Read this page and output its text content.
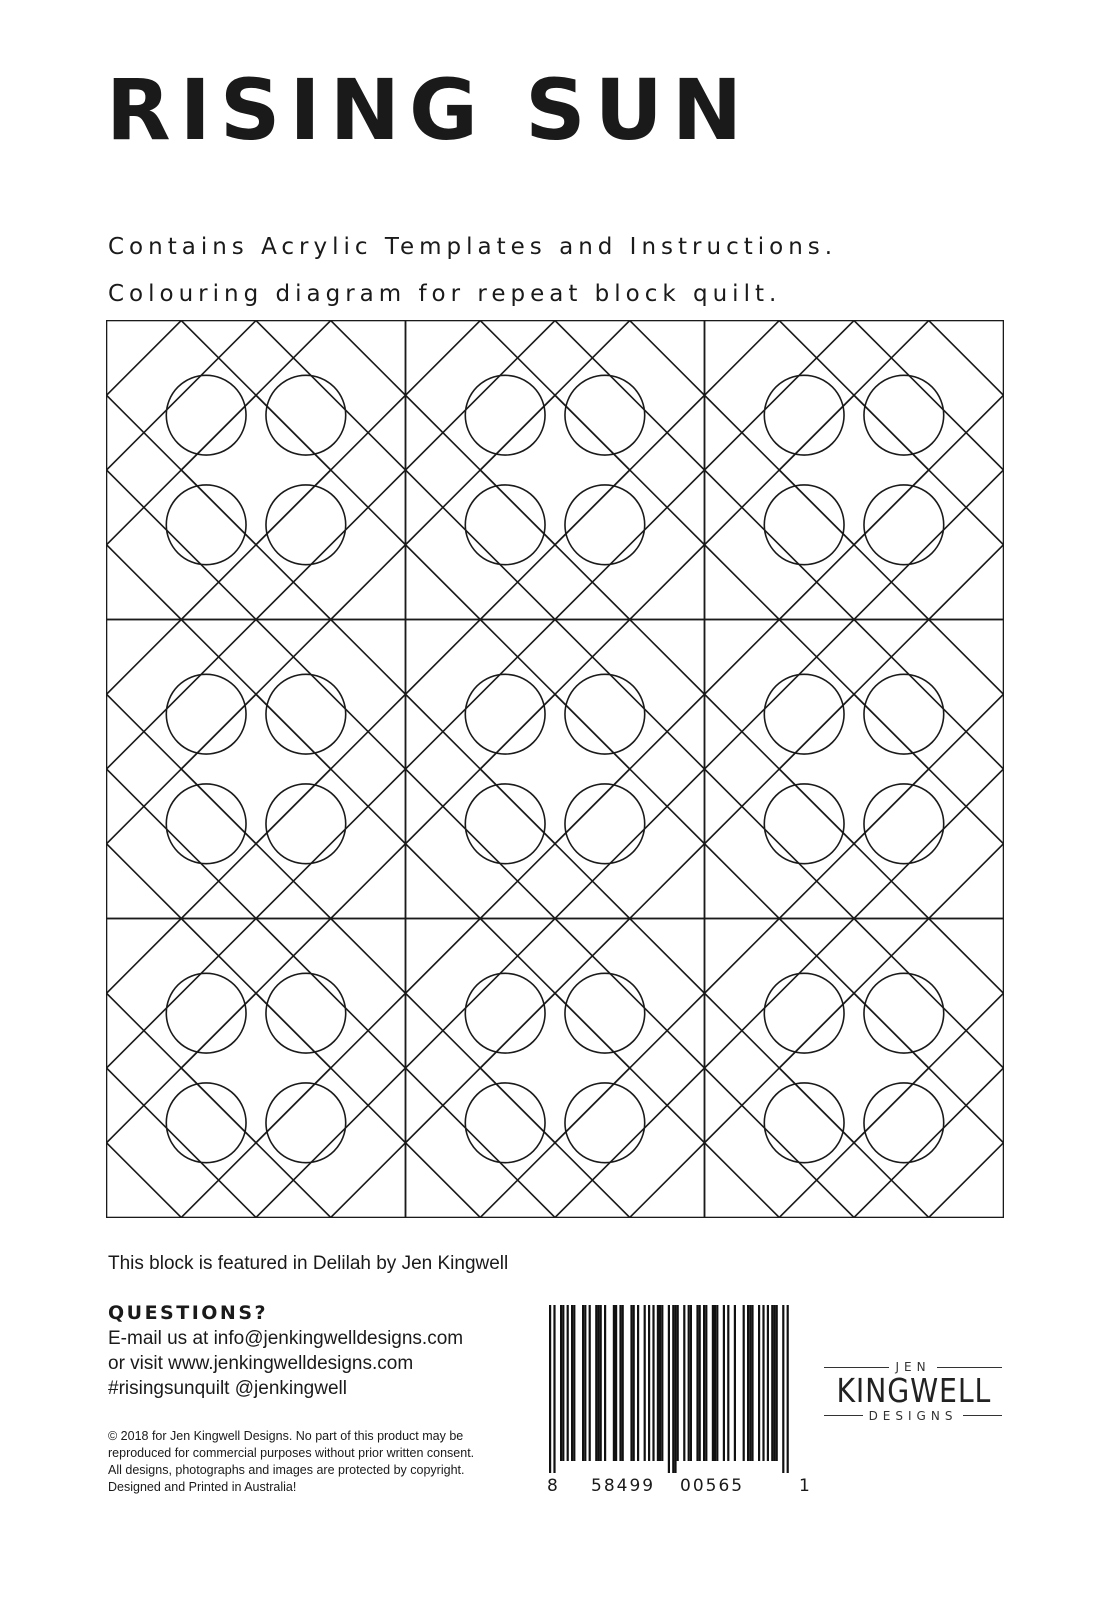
RISING SUN
Contains Acrylic Templates and Instructions.
Colouring diagram for repeat block quilt.
This block is featured in Delilah by Jen Kingwell
QUESTIONS?
E-mail us at info@jenkingwelldesigns.com
or visit www.jenkingwelldesigns.com
#risingsunquilt @jenkingwell
© 2018 for Jen Kingwell Designs. No part of this product may be
reproduced for commercial purposes without prior written consent.
All designs, photographs and images are protected by copyright.
Designed and Printed in Australia!	8 58499 00565	1
JEN
KINGWELL
DESIGNS
